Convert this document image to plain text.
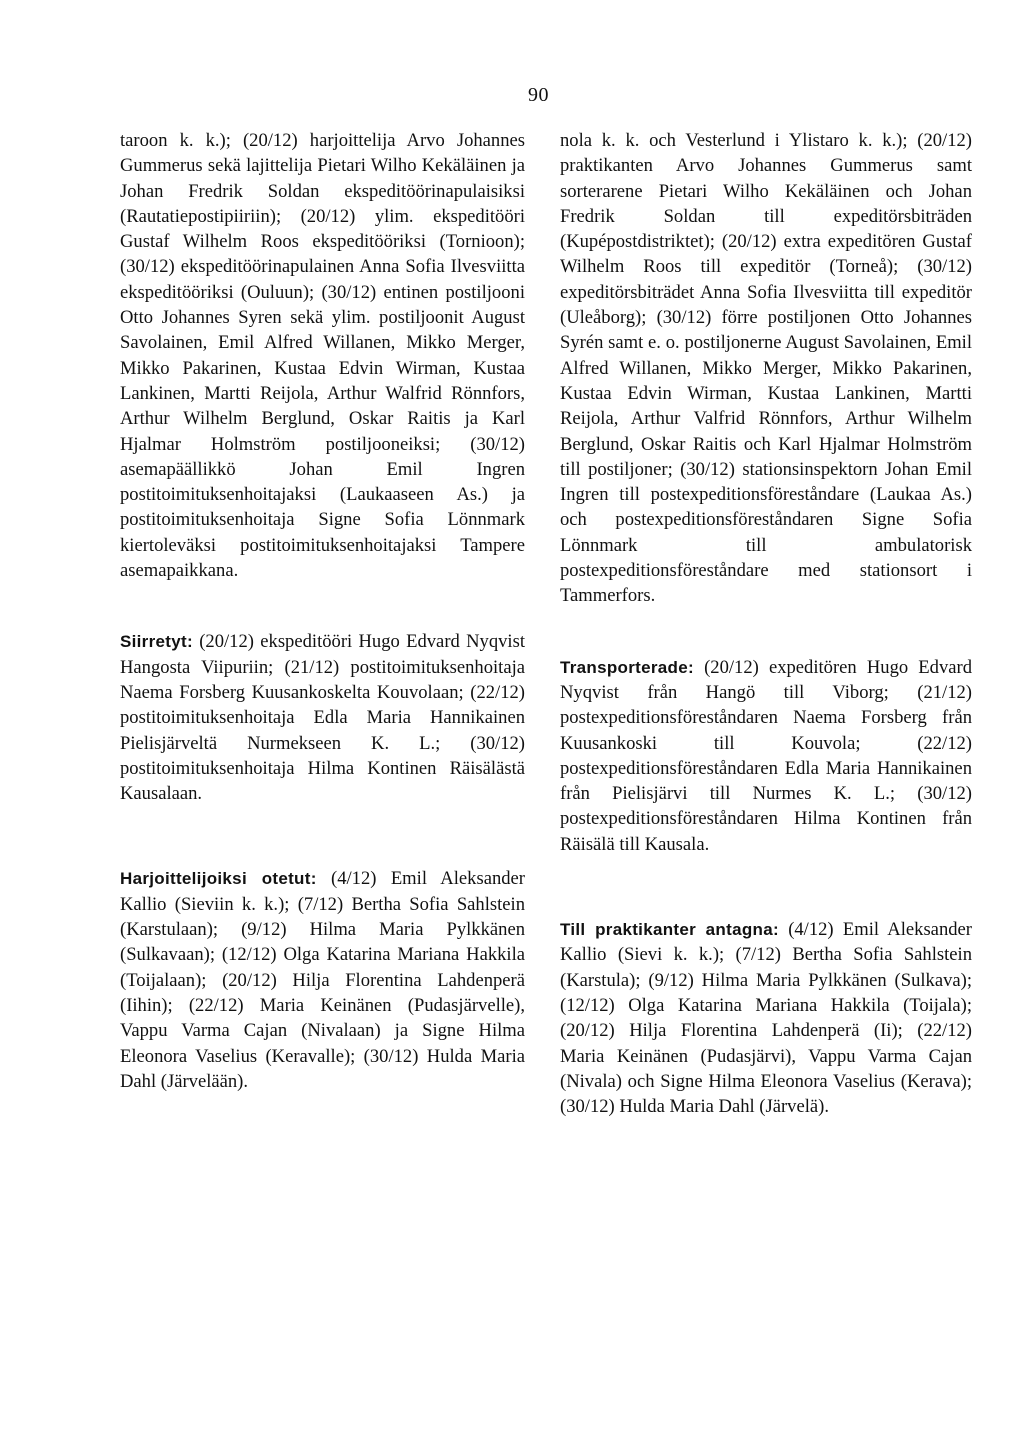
90

taroon k. k.); (20/12) harjoittelija Arvo Johannes Gummerus sekä lajittelija Pietari Wilho Kekäläinen ja Johan Fredrik Soldan ekspeditöörinapulaisiksi (Rautatiepostipiiriin); (20/12) ylim. ekspeditööri Gustaf Wilhelm Roos ekspeditööriksi (Tornioon); (30/12) ekspeditöörinapulainen Anna Sofia Ilvesviitta ekspeditööriksi (Ouluun); (30/12) entinen postiljooni Otto Johannes Syren sekä ylim. postiljoonit August Savolainen, Emil Alfred Willanen, Mikko Merger, Mikko Pakarinen, Kustaa Edvin Wirman, Kustaa Lankinen, Martti Reijola, Arthur Walfrid Rönnfors, Arthur Wilhelm Berglund, Oskar Raitis ja Karl Hjalmar Holmström postiljooneiksi; (30/12) asemapäällikkö Johan Emil Ingren postitoimituksenhoitajaksi (Laukaaseen As.) ja postitoimituksenhoitaja Signe Sofia Lönnmark kiertoleväksi postitoimituksenhoitajaksi Tampere asemapaikkana.

Siirretyt: (20/12) ekspeditööri Hugo Edvard Nyqvist Hangosta Viipuriin; (21/12) postitoimituksenhoitaja Naema Forsberg Kuusankoskelta Kouvolaan; (22/12) postitoimituksenhoitaja Edla Maria Hannikainen Pielisjärveltä Nurmekseen K. L.; (30/12) postitoimituksenhoitaja Hilma Kontinen Räisälästä Kausalaan.
Harjoittelijoiksi otetut: (4/12) Emil Aleksander Kallio (Sieviin k. k.); (7/12) Bertha Sofia Sahlstein (Karstulaan); (9/12) Hilma Maria Pylkkänen (Sulkavaan); (12/12) Olga Katarina Mariana Hakkila (Toijalaan); (20/12) Hilja Florentina Lahdenperä (Iihin); (22/12) Maria Keinänen (Pudasjärvelle), Vappu Varma Cajan (Nivalaan) ja Signe Hilma Eleonora Vaselius (Keravalle); (30/12) Hulda Maria Dahl (Järvelään).

nola k. k. och Vesterlund i Ylistaro k. k.); (20/12) praktikanten Arvo Johannes Gummerus samt sorterarene Pietari Wilho Kekäläinen och Johan Fredrik Soldan till expeditörsbiträden (Kupépostdistriktet); (20/12) extra expeditören Gustaf Wilhelm Roos till expeditör (Torneå); (30/12) expeditörsbiträdet Anna Sofia Ilvesviitta till expeditör (Uleåborg); (30/12) förre postiljonen Otto Johannes Syrén samt e. o. postiljonerne August Savolainen, Emil Alfred Willanen, Mikko Merger, Mikko Pakarinen, Kustaa Edvin Wirman, Kustaa Lankinen, Martti Reijola, Arthur Valfrid Rönnfors, Arthur Wilhelm Berglund, Oskar Raitis och Karl Hjalmar Holmström till postiljoner; (30/12) stationsinspektorn Johan Emil Ingren till postexpeditionsföreståndare (Laukaa As.) och postexpeditionsföreståndaren Signe Sofia Lönnmark till ambulatorisk postexpeditionsföreståndare med stationsort i Tammerfors.

Transporterade: (20/12) expeditören Hugo Edvard Nyqvist från Hangö till Viborg; (21/12) postexpeditionsföreståndaren Naema Forsberg från Kuusankoski till Kouvola; (22/12) postexpeditionsföreståndaren Edla Maria Hannikainen från Pielisjärvi till Nurmes K. L.; (30/12) postexpeditionsföreståndaren Hilma Kontinen från Räisälä till Kausala.
Till praktikanter antagna: (4/12) Emil Aleksander Kallio (Sievi k. k.); (7/12) Bertha Sofia Sahlstein (Karstula); (9/12) Hilma Maria Pylkkänen (Sulkava); (12/12) Olga Katarina Mariana Hakkila (Toijala); (20/12) Hilja Florentina Lahdenperä (Ii); (22/12) Maria Keinänen (Pudasjärvi), Vappu Varma Cajan (Nivala) och Signe Hilma Eleonora Vaselius (Kerava); (30/12) Hulda Maria Dahl (Järvelä).
